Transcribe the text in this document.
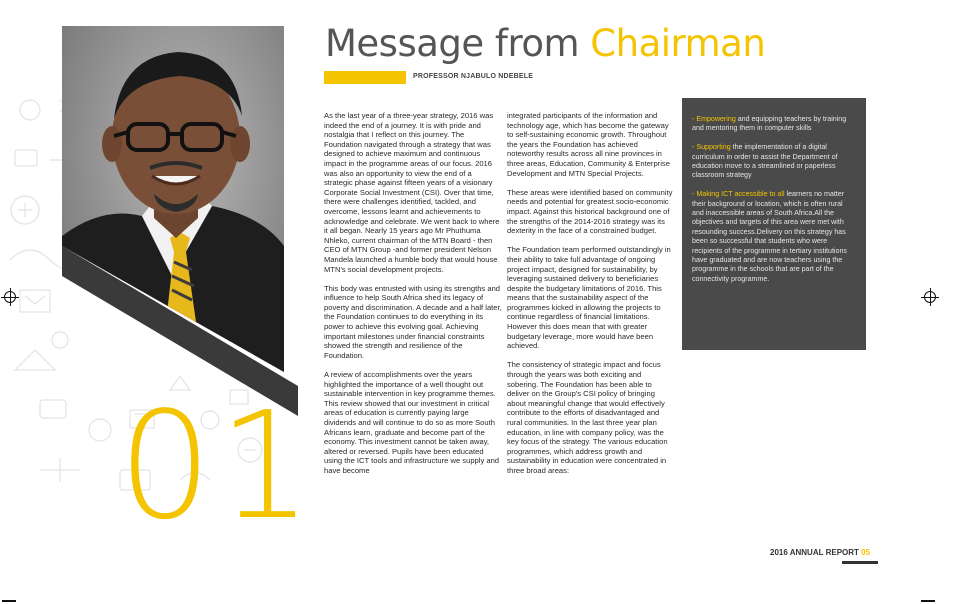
01
Message from Chairman
PROFESSOR NJABULO NDEBELE

As the last year of a three-year strategy, 2016 was indeed the end of a journey. It is with pride and nostalgia that I reflect on this journey. The Foundation navigated through a strategy that was designed to achieve maximum and continuous impact in the programme areas of our focus. 2016 was also an opportunity to view the end of a strategic phase against fifteen years of a visionary Corporate Social Investment (CSI). Over that time, there were challenges identified, tackled, and overcome, lessons learnt and achievements to acknowledge and celebrate. We went back to where it all began. Nearly 15 years ago Mr Phuthuma Nhleko, current chairman of the MTN Board - then CEO of MTN Group -and former president Nelson Mandela launched a humble body that would house MTN's social development projects.

This body was entrusted with using its strengths and influence to help South Africa shed its legacy of poverty and discrimination. A decade and a half later, the Foundation continues to do everything in its power to achieve this evolving goal. Achieving important milestones under financial constraints showed the strength and resilience of the Foundation.

A review of accomplishments over the years highlighted the importance of a well thought out sustainable intervention in key programme themes. This review showed that our investment in critical areas of education is currently paying large dividends and will continue to do so as more South Africans learn, graduate and become part of the economy. This investment cannot be taken away, altered or reversed. Pupils have been educated using the ICT tools and infrastructure we supply and have become

integrated participants of the information and technology age, which has become the gateway to self-sustaining economic growth. Throughout the years the Foundation has achieved noteworthy results across all nine provinces in three areas, Education, Community & Enterprise Development and MTN Special Projects.

These areas were identified based on community needs and potential for greatest socio-economic impact. Against this historical background one of the strengths of the 2014-2016 strategy was its dexterity in the face of a constrained budget.

The Foundation team performed outstandingly in their ability to take full advantage of ongoing project impact, designed for sustainability, by leveraging sustained delivery to beneficiaries despite the budgetary limitations of 2016. This means that the sustainability aspect of the programmes kicked in allowing the projects to continue regardless of financial limitations. However this does mean that with greater budgetary leverage, more would have been achieved.

The consistency of strategic impact and focus through the years was both exciting and sobering. The Foundation has been able to deliver on the Group's CSI policy of bringing about meaningful change that would effectively contribute to the efforts of disadvantaged and rural communities. In the last three year plan education, in line with company policy, was the key focus of the strategy. The various education programmes, which address growth and sustainability in education were concentrated in three broad areas:

- Empowering and equipping teachers by training and mentoring them in computer skills

- Supporting the implementation of a digital curriculum in order to assist the Department of education move to a streamlined or paperless classroom strategy

- Making ICT accessible to all learners no matter their background or location, which is often rural and inaccessible areas of South Africa.All the objectives and targets of this area were met with resounding success.Delivery on this strategy has been so successful that students who were recipients of the programme in tertiary institutions have graduated and are now teachers using the programme in the schools that are part of the connectivity programme.

2016 ANNUAL REPORT 05
